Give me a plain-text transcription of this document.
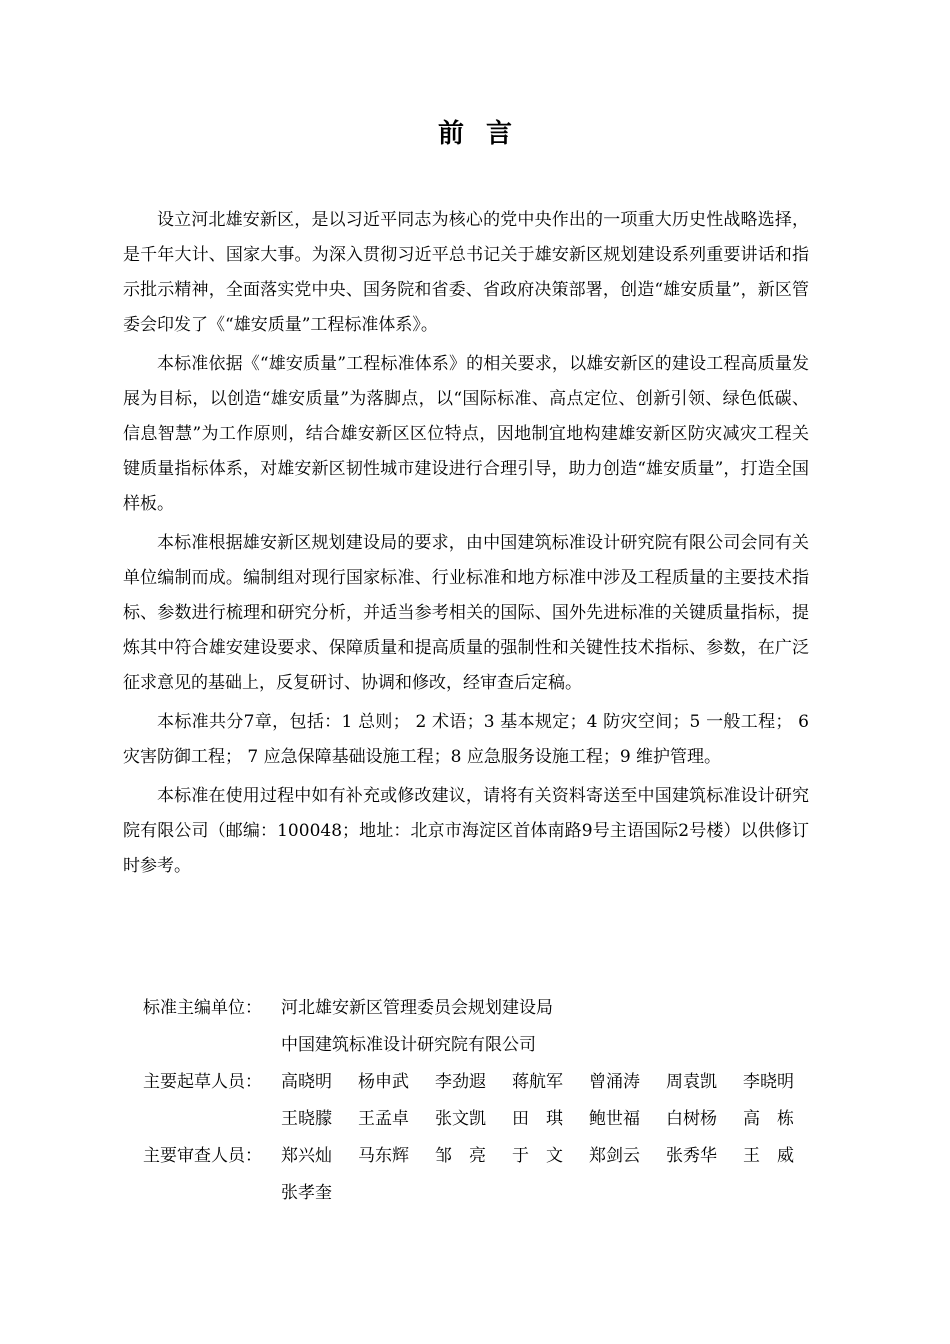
前言

设立河北雄安新区，是以习近平同志为核心的党中央作出的一项重大历史性战略选择，是千年大计、国家大事。为深入贯彻习近平总书记关于雄安新区规划建设系列重要讲话和指示批示精神，全面落实党中央、国务院和省委、省政府决策部署，创造“雄安质量”，新区管委会印发了《“雄安质量”工程标准体系》。

本标准依据《“雄安质量”工程标准体系》的相关要求，以雄安新区的建设工程高质量发展为目标，以创造“雄安质量”为落脚点，以“国际标准、高点定位、创新引领、绿色低碳、信息智慧”为工作原则，结合雄安新区区位特点，因地制宜地构建雄安新区防灾减灾工程关键质量指标体系，对雄安新区韧性城市建设进行合理引导，助力创造“雄安质量”，打造全国样板。

本标准根据雄安新区规划建设局的要求，由中国建筑标准设计研究院有限公司会同有关单位编制而成。编制组对现行国家标准、行业标准和地方标准中涉及工程质量的主要技术指标、参数进行梳理和研究分析，并适当参考相关的国际、国外先进标准的关键质量指标，提炼其中符合雄安建设要求、保障质量和提高质量的强制性和关键性技术指标、参数，在广泛征求意见的基础上，反复研讨、协调和修改，经审查后定稿。

本标准共分7章，包括：1 总则； 2 术语；3 基本规定；4 防灾空间；5 一般工程； 6 灾害防御工程； 7 应急保障基础设施工程；8 应急服务设施工程；9 维护管理。

本标准在使用过程中如有补充或修改建议，请将有关资料寄送至中国建筑标准设计研究院有限公司（邮编：100048；地址：北京市海淀区首体南路9号主语国际2号楼）以供修订时参考。

标准主编单位：	河北雄安新区管理委员会规划建设局
中国建筑标准设计研究院有限公司
主要起草人员：	高晓明	杨申武	李劲遐	蒋航军	曾涌涛	周袁凯	李晓明
王晓朦	王孟卓	张文凯	田　琪	鲍世福	白树杨	高　栋
主要审查人员：	郑兴灿	马东辉	邹　亮	于　文	郑剑云	张秀华	王　威
张孝奎
